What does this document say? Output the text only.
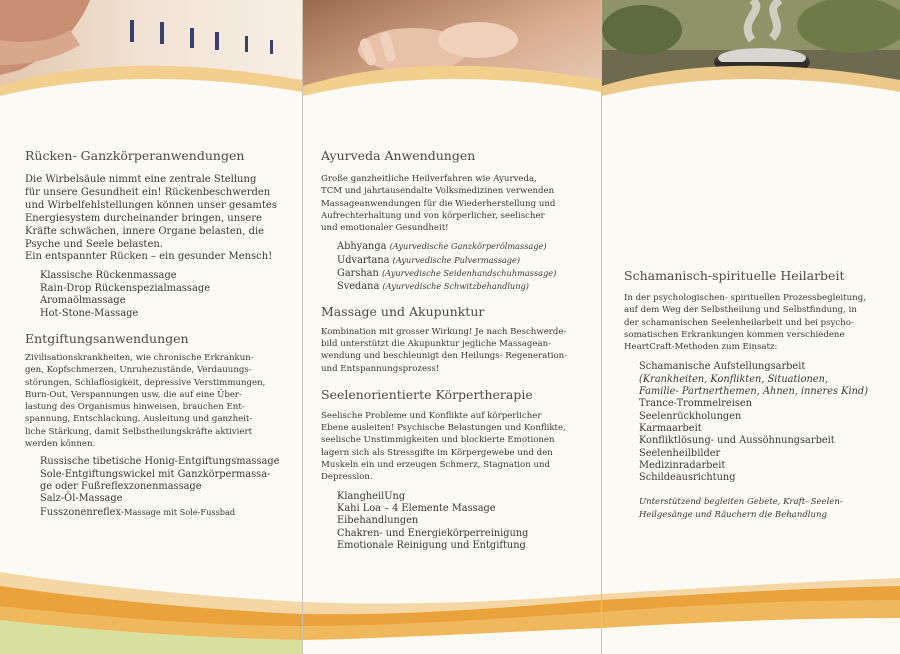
Rücken- Ganzkörperanwendungen

Die Wirbelsäule nimmt eine zentrale Stellung

für unsere Gesundheit ein! Rückenbeschwerden

und Wirbelfehlstellungen können unser gesamtes

Energiesystem durcheinander bringen, unsere

Kräfte schwächen, innere Organe belasten, die

Psyche und Seele belasten.

Ein entspannter Rücken – ein gesunder Mensch!

Klassische Rückenmassage
Rain-Drop Rückenspezialmassage
Aromaölmassage
Hot-Stone-Massage
Entgiftungsanwendungen

Zivilisationskrankheiten, wie chronische Erkrankun-

gen, Kopfschmerzen, Unruhezustände, Verdauungs-

störungen, Schlaflosigkeit, depressive Verstimmungen,

Burn-Out, Verspannungen usw, die auf eine Über-

lastung des Organismus hinweisen, brauchen Ent-

spannung, Entschlackung, Ausleitung und ganzheit-

liche Stärkung, damit Selbstheilungskräfte aktiviert

werden können.

Russische tibetische Honig-Entgiftungsmassage
Sole-Entgiftungswickel mit Ganzkörpermassa-
ge oder Fußreflexzonenmassage
Salz-Öl-Massage
Fusszonenreflex-Massage mit Sole-Fussbad
Ayurveda Anwendungen

Große ganzheitliche Heilverfahren wie Ayurveda,

TCM und jahrtausendalte Volksmedizinen verwenden

Massageanwendungen für die Wiederherstellung und

Aufrechterhaltung und von körperlicher, seelischer

und emotionaler Gesundheit!

Abhyanga (Ayurvedische Ganzkörperölmassage)
Udvartana (Ayurvedische Pulvermassage)
Garshan (Ayurvedische Seidenhandschuhmassage)
Svedana (Ayurvedische Schwitzbehandlung)
Massage und Akupunktur

Kombination mit grosser Wirkung! Je nach Beschwerde-

bild unterstützt die Akupunktur jegliche Massagean-

wendung und beschleunigt den Heilungs- Regeneration-

und Entspannungsprozess!

Seelenorientierte Körpertherapie

Seelische Probleme und Konflikte auf körperlicher

Ebene ausleiten! Psychische Belastungen und Konflikte,

seelische Unstimmigkeiten und blockierte Emotionen

lagern sich als Stressgifte im Körpergewebe und den

Muskeln ein und erzeugen Schmerz, Stagnation und

Depression.

KlangheilUng
Kahi Loa – 4 Elemente Massage
Eibehandlungen
Chakren- und Energiekörperreinigung
Emotionale Reinigung und Entgiftung
Schamanisch-spirituelle Heilarbeit

In der psychologischen- spirituellen Prozessbegleitung,

auf dem Weg der Selbstheilung und Selbstfindung, in

der schamanischen Seelenheilarbeit und bei psycho-

somatischen Erkrankungen kommen verschiedene

HeartCraft-Methoden zum Einsatz:

Schamanische Aufstellungsarbeit
(Krankheiten, Konflikten, Situationen,
Familie- Partnerthemen, Ahnen, inneres Kind)
Trance-Trommelreisen
Seelenrückholungen
Karmaarbeit
Konfliktlösung- und Aussöhnungsarbeit
Seelenheilbilder
Medizinradarbeit
Schildeausrichtung

Unterstützend begleiten Gebete, Kraft- Seelen-

Heilgesänge und Räuchern die Behandlung
